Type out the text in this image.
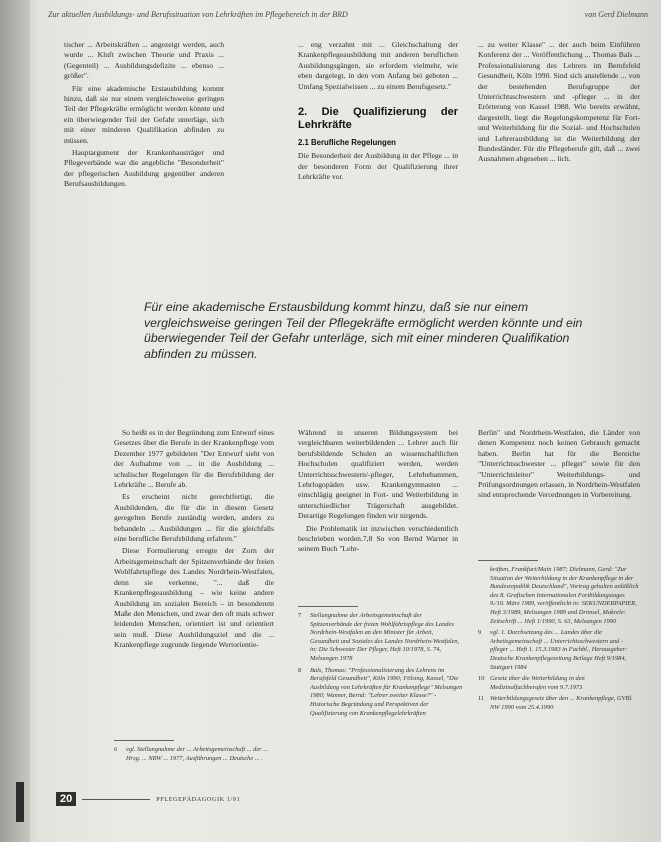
Zur aktuellen Ausbildungs- und Berufssituation von Lehrkräften im Pflegebereich in der BRD	von Gerd Dielmann

tischer ... Arbeitskräften ... angezeigt werden, auch wurde ... Kluft zwischen Theorie und Praxis ... (Gegenteil) ... Ausbildungsdefizite ... ebenso ... größer".

Für eine akademische Erstausbildung kommt hinzu, daß sie nur einem vergleichsweise geringen Teil der Pflegekräfte ermöglicht werden könnte und ein überwiegender Teil der Gefahr unterläge, sich mit einer minderen Qualifikation abfinden zu müssen.

Hauptargument der Krankenhausträger und Pflegeverbände war die angebliche "Besonderheit" der pflegerischen Ausbildung gegenüber anderen Berufsausbildungen.

... eng verzahnt mit ... Gleichschaltung der Krankenpflegeausbildung mit anderen beruflichen Ausbildungsgängen, sie erfordern vielmehr, wie eben dargelegt, in den vom Anfang bei geboten ... Umfang Spezialwissen ... zu einem Berufsgesetz."

2. Die Qualifizierung der Lehrkräfte
2.1 Berufliche Regelungen

Die Besonderheit der Ausbildung in der Pflege ... in der besonderen Form der Qualifizierung ihrer Lehrkräfte vor.

... zu weiter Klasse" ... der auch beim Einführen Konferenz der ... Veröffentlichung ... Thomas Bals ... Professionalisierung des Lehrers im Berufsfeld Gesundheit, Köln 1990. Sind sich anstellende ... von der bestehenden Berufsgruppe der Unterrichtsschwestern und -pfleger ... in der Erörterung von Kassel 1988. Wie bereits erwähnt, dargestellt, liegt die Regelungskompetenz für Fort- und Weiterbildung für die Sozial- und Hochschulen und Lehrerausbildung ist die Weiterbildung der Bundesländer. Für die Pflegeberufe gilt, daß ... zwei Ausnahmen abgesehen ... lich.

Für eine akademische Erstausbildung kommt hinzu, daß sie nur einem vergleichsweise geringen Teil der Pflegekräfte ermöglicht werden könnte und ein überwiegender Teil der Gefahr unterläge, sich mit einer minderen Qualifikation abfinden zu müssen.

So heißt es in der Begründung zum Entwurf eines Gesetzes über die Berufe in der Krankenpflege vom Dezember 1977 gebildeten "Der Entwurf sieht von der Aufnahme von ... in die Ausbildung ... schulischer Regelungen für die Berufsbildung der Lehrkräfte ... Berufe ab.

Es erscheint nicht gerechtfertigt, die Ausbildenden, die für die in diesem Gesetz geregelten Berufe zuständig werden, anders zu behandeln ... Ausbildungen ... für die gleichfalls eine berufliche Berufsbildung erfahren."

Diese Formulierung erregte der Zorn der Arbeitsgemeinschaft der Spitzenverbände der freien Wohlfahrtspflege des Landes Nordrhein-Westfalen, denn sie verkenne, "... daß die Krankenpflegeausbildung – wie keine andere Ausbildung im sozialen Bereich – in besonderem Maße den Menschen, und zwar den oft mals schwer leidenden Menschen, orientiert ist und orientiert sein muß. Diese Ausbildungsziel und die ... Krankenpflege zugrunde liegende Wertorientie-

Während in unseren Bildungssystem bei vergleichbaren weiterbildenden ... Lehrer auch für berufsbildende Schulen an wissenschaftlichen Hochschulen qualifiziert werden, werden Unterrichtsschwestern/-pfleger, Lehrhebammen, Lehrlogopäden usw. Krankengymnasten ... einschlägig geeignet in Fort- und Weiterbildung in unterschiedlicher Trägerschaft ausgebildet. Derartige Regelungen finden wir nirgends.

Die Problematik ist inzwischen verschiedentlich beschrieben worden.7,8 So von Bernd Warner in seinem Buch "Lehr-

Berlin" und Nordrhein-Westfalen, die Länder von denen Kompetenz noch keinen Gebrauch gemacht haben. Berlin hat für die Bereiche "Unterrichtsschwester ... pfleger" sowie für den "Unterrichtsleiter" Weiterbildungs- und Prüfungsordnungen erlassen, in Nordrhein-Westfalen sind entsprechende Verordnungen in Vorbereitung.

6	vgl. Stellungnahme der ... Arbeitsgemeinschaft ... der ... Hrsg. ... NRW ... 1977, Ausführungen ... Deutsche ... .
7	Stellungnahme der Arbeitsgemeinschaft der Spitzenverbände der freien Wohlfahrtspflege des Landes Nordrhein-Westfalen an den Minister für Arbeit, Gesundheit und Soziales des Landes Nordrhein-Westfalen, in: Die Schwester Der Pfleger, Heft 10/1978, S. 74, Melsungen 1978
8	Bals, Thomas: "Professionalisierung des Lehrens im Berufsfeld Gesundheit", Köln 1990; Fölsing, Kassel, "Die Ausbildung von Lehrkräften für Krankenpflege" Melsungen 1980; Wanner, Bernd: "Lehrer zweiter Klasse?" - Historische Begründung und Perspektiven der Qualifizierung von Krankenpflegelehrkräften
kräften, Frankfurt/Main 1987; Dielmann, Gerd: "Zur Situation der Weiterbildung in der Krankenpflege in der Bundesrepublik Deutschland", Vortrag gehalten anläßlich des 8. Grafischen Internationalen Fortbildungstages 9./10. März 1989, veröffentlicht in: SEKUNDERPAPIER, Heft 3/1989, Melsungen 1989 und Drimsel, Makrele: Zeitschrift ... Heft 1/1990, S. 63, Melsungen 1990
9	vgl. 1. Durchsetzung des ... Landes über die Arbeitsgemeinschaft ... Unterrichtsschwestern und -pfleger ... Heft 1. 15.3.1983 in Fachbl., Herausgeber: Deutsche Krankenpflegezeitung Beilage Heft 9/1984, Stuttgart 1984
10 Gesetz über die Weiterbildung in den Medizinalfachberufen vom 9.7.1973
11 Weiterbildungsgesetz über den ... Krankenpflege, GVBl. NW 1990 vom 25.4.1990
20	PFLEGEPÄDAGOGIK 1/91
